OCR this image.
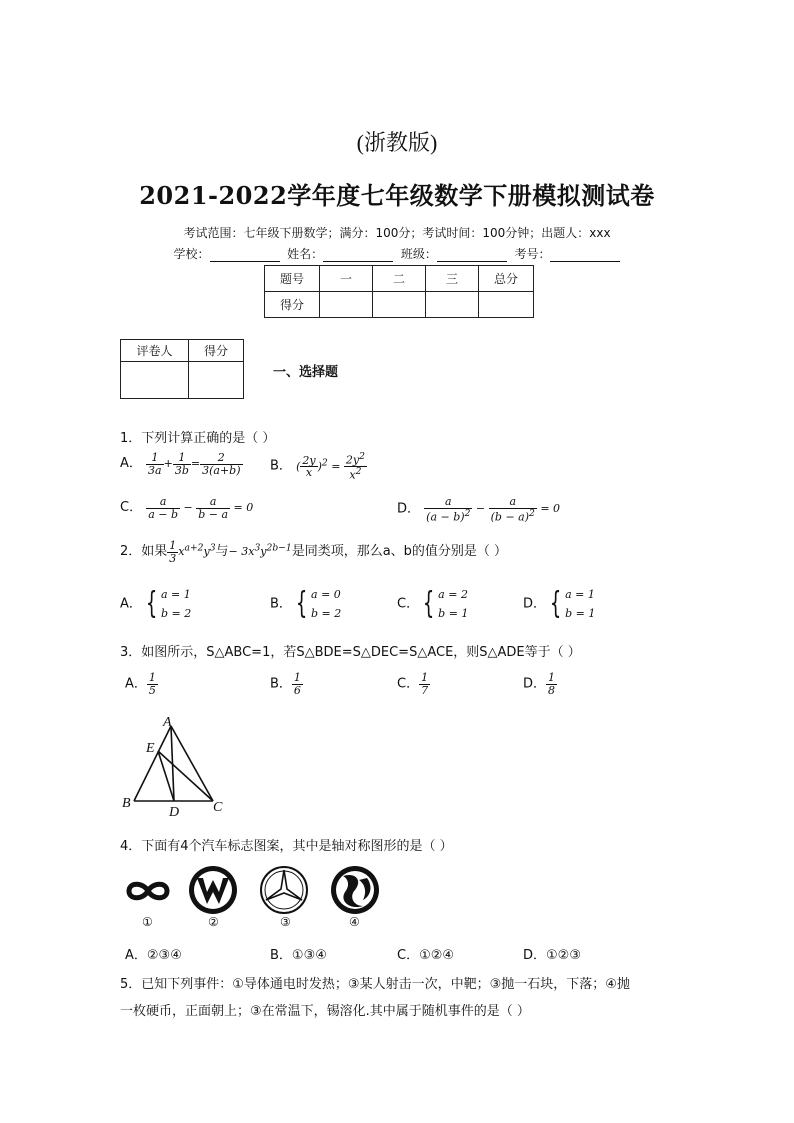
(浙教版)
2021-2022学年度七年级数学下册模拟测试卷
考试范围：七年级下册数学；满分：100分；考试时间：100分钟；出题人：xxx
学校：	姓名：	班级：	考号：
题号	一	二	三	总分
得分				
评卷人	得分

一、选择题
1．下列计算正确的是（ ）
A． $\frac{1}{3a} + \frac{1}{3b} = \frac{2}{3(a+b)}$ B． ( $\frac{2y}{x} )^2 = \frac{2y^2}{x^2}$
C． $\frac{a}{a - b} - \frac{a}{b - a} = 0$	D． $\frac{a}{(a - b)^2} - \frac{a}{(b - a)^2} = 0$
2．如果 $\frac{1}{3} x^{a+2}y^3$与− $3x^3y^{2b-1}$是同类项，那么a、b的值分别是（ ）
A． { a = 1
b = 2
B． { a = 0
b = 2
C． { a = 2
b = 1
D． { a = 1
b = 1
3．如图所示，S△ABC=1，若S△BDE=S△DEC=S△ACE，则S△ADE等于（ ）
A． $\frac{1}{5}$	B． $\frac{1}{6}$	C． $\frac{1}{7}$	D． $\frac{1}{8}$
A
E
B
D C
4．下面有4个汽车标志图案，其中是轴对称图形的是（ ）
①	②	③	④
A．②③④	B．①③④	C．①②④	D．①②③
5．已知下列事件：①导体通电时发热；③某人射击一次，中靶；③抛一石块，下落；④抛
一枚硬币，正面朝上；③在常温下，锡溶化.其中属于随机事件的是（ ）
